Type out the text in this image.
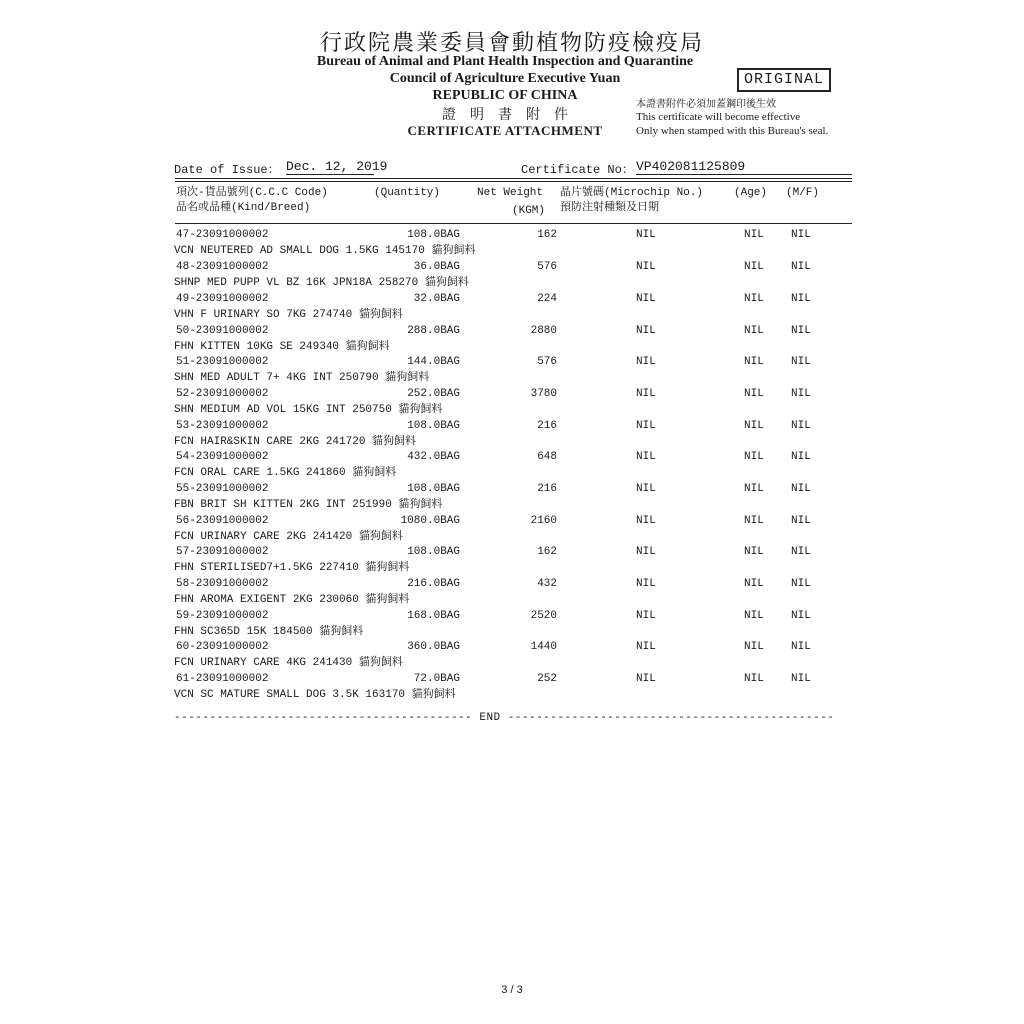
行政院農業委員會動植物防疫檢疫局
Bureau of Animal and Plant Health Inspection and Quarantine
Council of Agriculture Executive Yuan
REPUBLIC OF CHINA
證　明　書　附　件
CERTIFICATE ATTACHMENT
ORIGINAL
本證書附件必須加蓋鋼印後生效
This certificate will become effective
Only when stamped with this Bureau's seal.
Date of Issue： Dec. 12, 2019	Certificate No： VP402081125809
項次-貨品號列(C.C.C Code)
品名或品種(Kind/Breed)
(Quantity)	Net Weight
(KGM)
晶片號碼(Microchip No.)
預防注射種類及日期
(Age) (M/F)
47-23091000002	108.0BAG	162	NIL	NIL NIL
VCN NEUTERED AD SMALL DOG 1.5KG 145170 貓狗飼料
48-23091000002	36.0BAG	576	NIL	NIL NIL
SHNP MED PUPP VL BZ 16K JPN18A 258270 貓狗飼料
49-23091000002	32.0BAG	224	NIL	NIL NIL
VHN F URINARY SO 7KG 274740 貓狗飼料
50-23091000002	288.0BAG	2880	NIL	NIL NIL
FHN KITTEN 10KG SE 249340 貓狗飼料
51-23091000002	144.0BAG	576	NIL	NIL NIL
SHN MED ADULT 7+ 4KG INT 250790 貓狗飼料
52-23091000002	252.0BAG	3780	NIL	NIL NIL
SHN MEDIUM AD VOL 15KG INT 250750 貓狗飼料
53-23091000002	108.0BAG	216	NIL	NIL NIL
FCN HAIR&SKIN CARE 2KG 241720 貓狗飼料
54-23091000002	432.0BAG	648	NIL	NIL NIL
FCN ORAL CARE 1.5KG 241860 貓狗飼料
55-23091000002	108.0BAG	216	NIL	NIL NIL
FBN BRIT SH KITTEN 2KG INT 251990 貓狗飼料
56-23091000002	1080.0BAG	2160	NIL	NIL NIL
FCN URINARY CARE 2KG 241420 貓狗飼料
57-23091000002	108.0BAG	162	NIL	NIL NIL
FHN STERILISED7+1.5KG 227410 貓狗飼料
58-23091000002	216.0BAG	432	NIL	NIL NIL
FHN AROMA EXIGENT 2KG 230060 貓狗飼料
59-23091000002	168.0BAG	2520	NIL	NIL NIL
FHN SC365D 15K 184500 貓狗飼料
60-23091000002	360.0BAG	1440	NIL	NIL NIL
FCN URINARY CARE 4KG 241430 貓狗飼料
61-23091000002	72.0BAG	252	NIL	NIL NIL
VCN SC MATURE SMALL DOG 3.5K 163170 貓狗飼料
------------------------------------------ END ----------------------------------------------
3 / 3
